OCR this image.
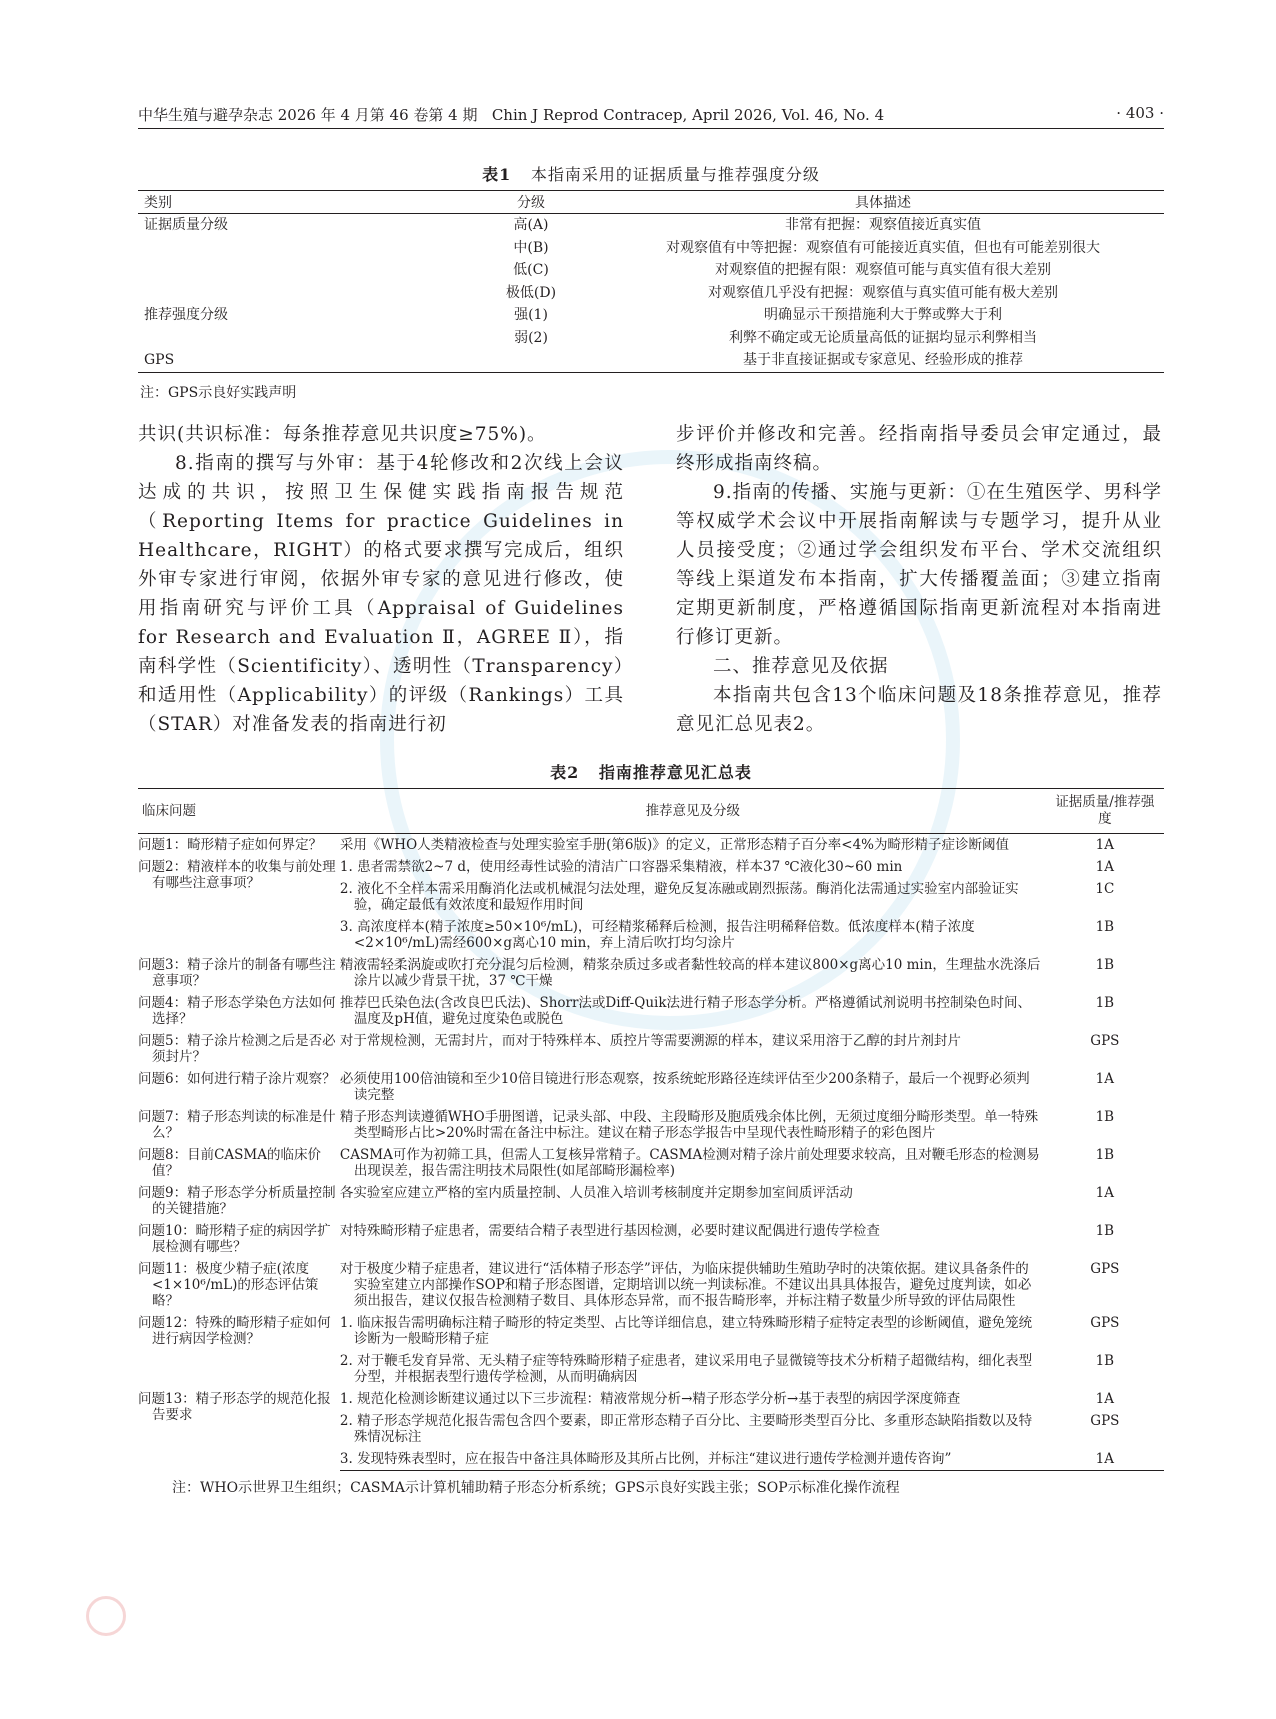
中华生殖与避孕杂志 2026 年 4 月第 46 卷第 4 期 Chin J Reprod Contracep, April 2026, Vol. 46, No. 4	· 403 ·
表1 本指南采用的证据质量与推荐强度分级
类别	分级	具体描述
证据质量分级	高(A)	非常有把握：观察值接近真实值
	中(B)	对观察值有中等把握：观察值有可能接近真实值，但也有可能差别很大
	低(C)	对观察值的把握有限：观察值可能与真实值有很大差别
	极低(D)	对观察值几乎没有把握：观察值与真实值可能有极大差别
推荐强度分级	强(1)	明确显示干预措施利大于弊或弊大于利
	弱(2)	利弊不确定或无论质量高低的证据均显示利弊相当
GPS		基于非直接证据或专家意见、经验形成的推荐
注：GPS示良好实践声明

共识(共识标准：每条推荐意见共识度≥75%)。

8.指南的撰写与外审：基于4轮修改和2次线上会议达成的共识，按照卫生保健实践指南报告规范（Reporting Items for practice Guidelines in Healthcare，RIGHT）的格式要求撰写完成后，组织外审专家进行审阅，依据外审专家的意见进行修改，使用指南研究与评价工具（Appraisal of Guidelines for Research and Evaluation Ⅱ，AGREE Ⅱ），指南科学性（Scientificity）、透明性（Transparency）和适用性（Applicability）的评级（Rankings）工具（STAR）对准备发表的指南进行初

步评价并修改和完善。经指南指导委员会审定通过，最终形成指南终稿。

9.指南的传播、实施与更新：①在生殖医学、男科学等权威学术会议中开展指南解读与专题学习，提升从业人员接受度；②通过学会组织发布平台、学术交流组织等线上渠道发布本指南，扩大传播覆盖面；③建立指南定期更新制度，严格遵循国际指南更新流程对本指南进行修订更新。

二、推荐意见及依据

本指南共包含13个临床问题及18条推荐意见，推荐意见汇总见表2。

表2 指南推荐意见汇总表
临床问题	推荐意见及分级	证据质量/推荐强度
问题1：畸形精子症如何界定？	采用《WHO人类精液检查与处理实验室手册(第6版)》的定义，正常形态精子百分率<4%为畸形精子症诊断阈值	1A
问题2：精液样本的收集与前处理有哪些注意事项？	1. 患者需禁欲2~7 d，使用经毒性试验的清洁广口容器采集精液，样本37 ℃液化30~60 min	1A
	2. 液化不全样本需采用酶消化法或机械混匀法处理，避免反复冻融或剧烈振荡。酶消化法需通过实验室内部验证实验，确定最低有效浓度和最短作用时间	1C
	3. 高浓度样本(精子浓度≥50×10⁶/mL)，可经精浆稀释后检测，报告注明稀释倍数。低浓度样本(精子浓度<2×10⁶/mL)需经600×g离心10 min，弃上清后吹打均匀涂片	1B
问题3：精子涂片的制备有哪些注意事项？	精液需轻柔涡旋或吹打充分混匀后检测，精浆杂质过多或者黏性较高的样本建议800×g离心10 min，生理盐水洗涤后涂片以减少背景干扰，37 ℃干燥	1B
问题4：精子形态学染色方法如何选择？	推荐巴氏染色法(含改良巴氏法)、Shorr法或Diff-Quik法进行精子形态学分析。严格遵循试剂说明书控制染色时间、温度及pH值，避免过度染色或脱色	1B
问题5：精子涂片检测之后是否必须封片？	对于常规检测，无需封片，而对于特殊样本、质控片等需要溯源的样本，建议采用溶于乙醇的封片剂封片	GPS
问题6：如何进行精子涂片观察？	必须使用100倍油镜和至少10倍目镜进行形态观察，按系统蛇形路径连续评估至少200条精子，最后一个视野必须判读完整	1A
问题7：精子形态判读的标准是什么？	精子形态判读遵循WHO手册图谱，记录头部、中段、主段畸形及胞质残余体比例，无须过度细分畸形类型。单一特殊类型畸形占比>20%时需在备注中标注。建议在精子形态学报告中呈现代表性畸形精子的彩色图片	1B
问题8：目前CASMA的临床价值？	CASMA可作为初筛工具，但需人工复核异常精子。CASMA检测对精子涂片前处理要求较高，且对鞭毛形态的检测易出现误差，报告需注明技术局限性(如尾部畸形漏检率)	1B
问题9：精子形态学分析质量控制的关键措施？	各实验室应建立严格的室内质量控制、人员准入培训考核制度并定期参加室间质评活动	1A
问题10：畸形精子症的病因学扩展检测有哪些？	对特殊畸形精子症患者，需要结合精子表型进行基因检测，必要时建议配偶进行遗传学检查	1B
问题11：极度少精子症(浓度<1×10⁶/mL)的形态评估策略？	对于极度少精子症患者，建议进行“活体精子形态学”评估，为临床提供辅助生殖助孕时的决策依据。建议具备条件的实验室建立内部操作SOP和精子形态图谱，定期培训以统一判读标准。不建议出具具体报告，避免过度判读，如必须出报告，建议仅报告检测精子数目、具体形态异常，而不报告畸形率，并标注精子数量少所导致的评估局限性	GPS
问题12：特殊的畸形精子症如何进行病因学检测？	1. 临床报告需明确标注精子畸形的特定类型、占比等详细信息，建立特殊畸形精子症特定表型的诊断阈值，避免笼统诊断为一般畸形精子症	GPS
	2. 对于鞭毛发育异常、无头精子症等特殊畸形精子症患者，建议采用电子显微镜等技术分析精子超微结构，细化表型分型，并根据表型行遗传学检测，从而明确病因	1B
问题13：精子形态学的规范化报告要求	1. 规范化检测诊断建议通过以下三步流程：精液常规分析→精子形态学分析→基于表型的病因学深度筛查	1A
	2. 精子形态学规范化报告需包含四个要素，即正常形态精子百分比、主要畸形类型百分比、多重形态缺陷指数以及特殊情况标注	GPS
	3. 发现特殊表型时，应在报告中备注具体畸形及其所占比例，并标注“建议进行遗传学检测并遗传咨询”	1A
注：WHO示世界卫生组织；CASMA示计算机辅助精子形态分析系统；GPS示良好实践主张；SOP示标准化操作流程
